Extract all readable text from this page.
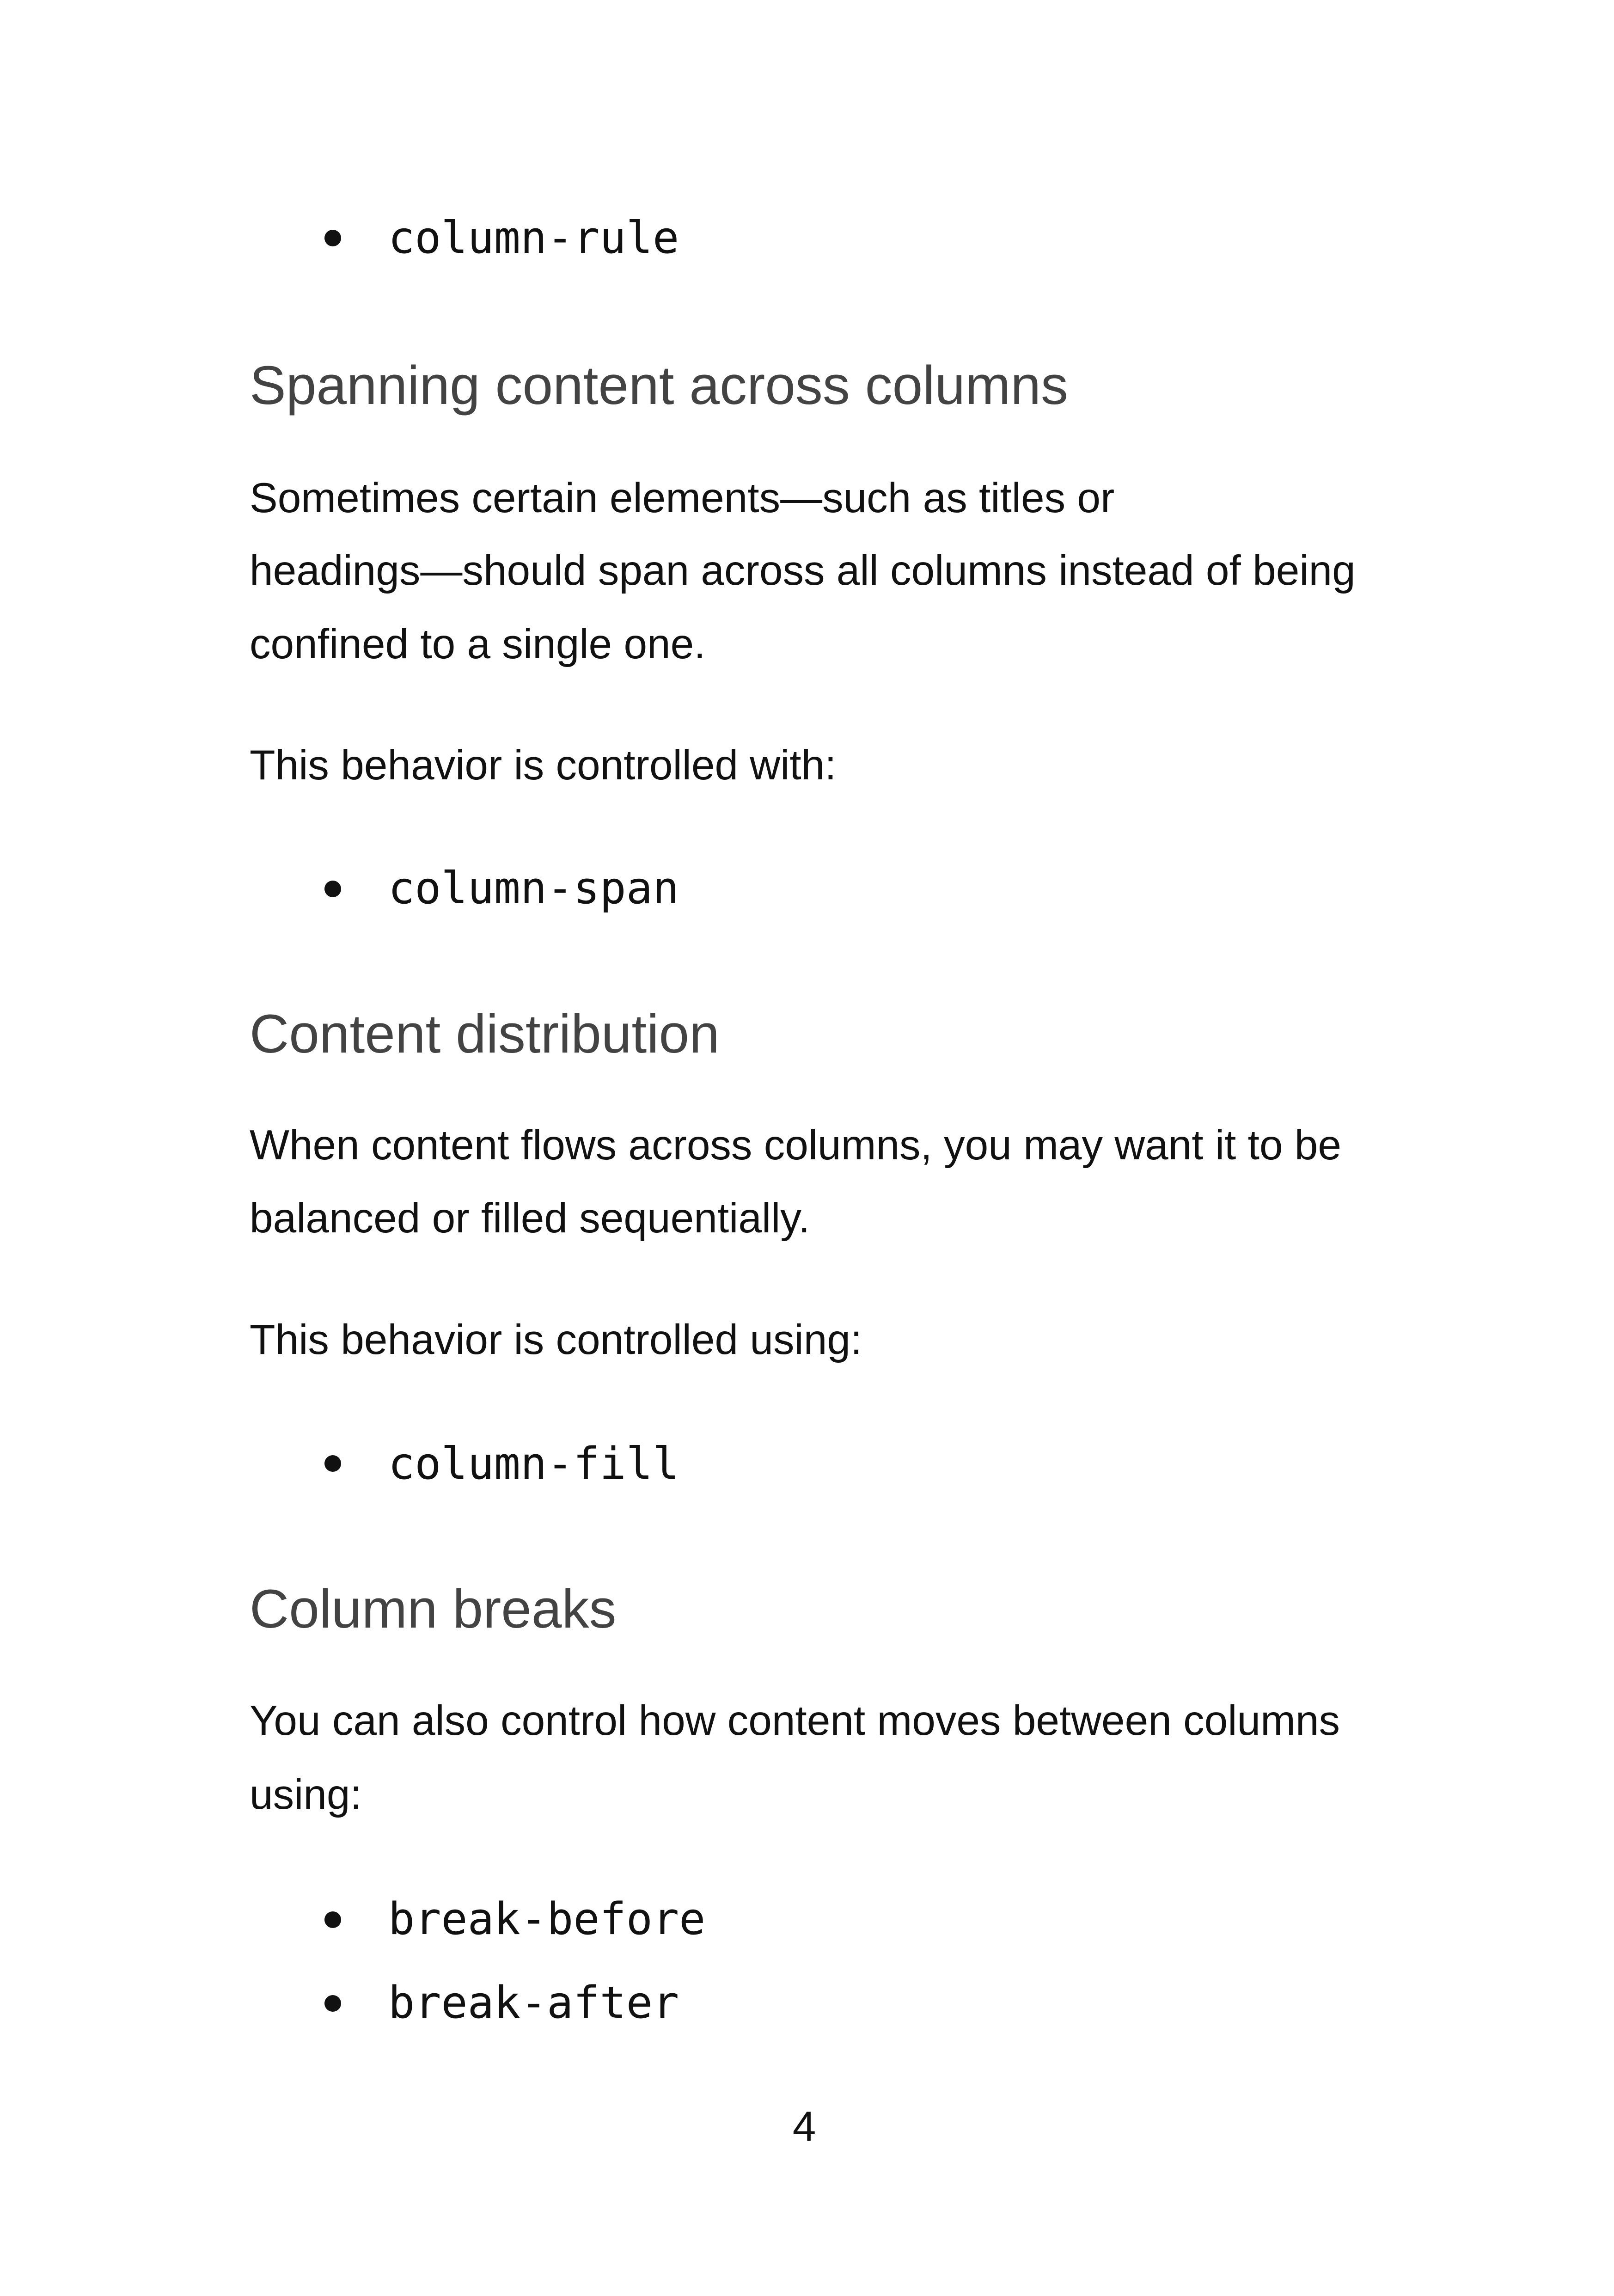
column-rule
Spanning content across columns
Sometimes certain elements—such as titles or
headings—should span across all columns instead of being
confined to a single one.
This behavior is controlled with:
column-span
Content distribution
When content flows across columns, you may want it to be
balanced or filled sequentially.
This behavior is controlled using:
column-fill
Column breaks
You can also control how content moves between columns
using:
break-before
break-after
4
